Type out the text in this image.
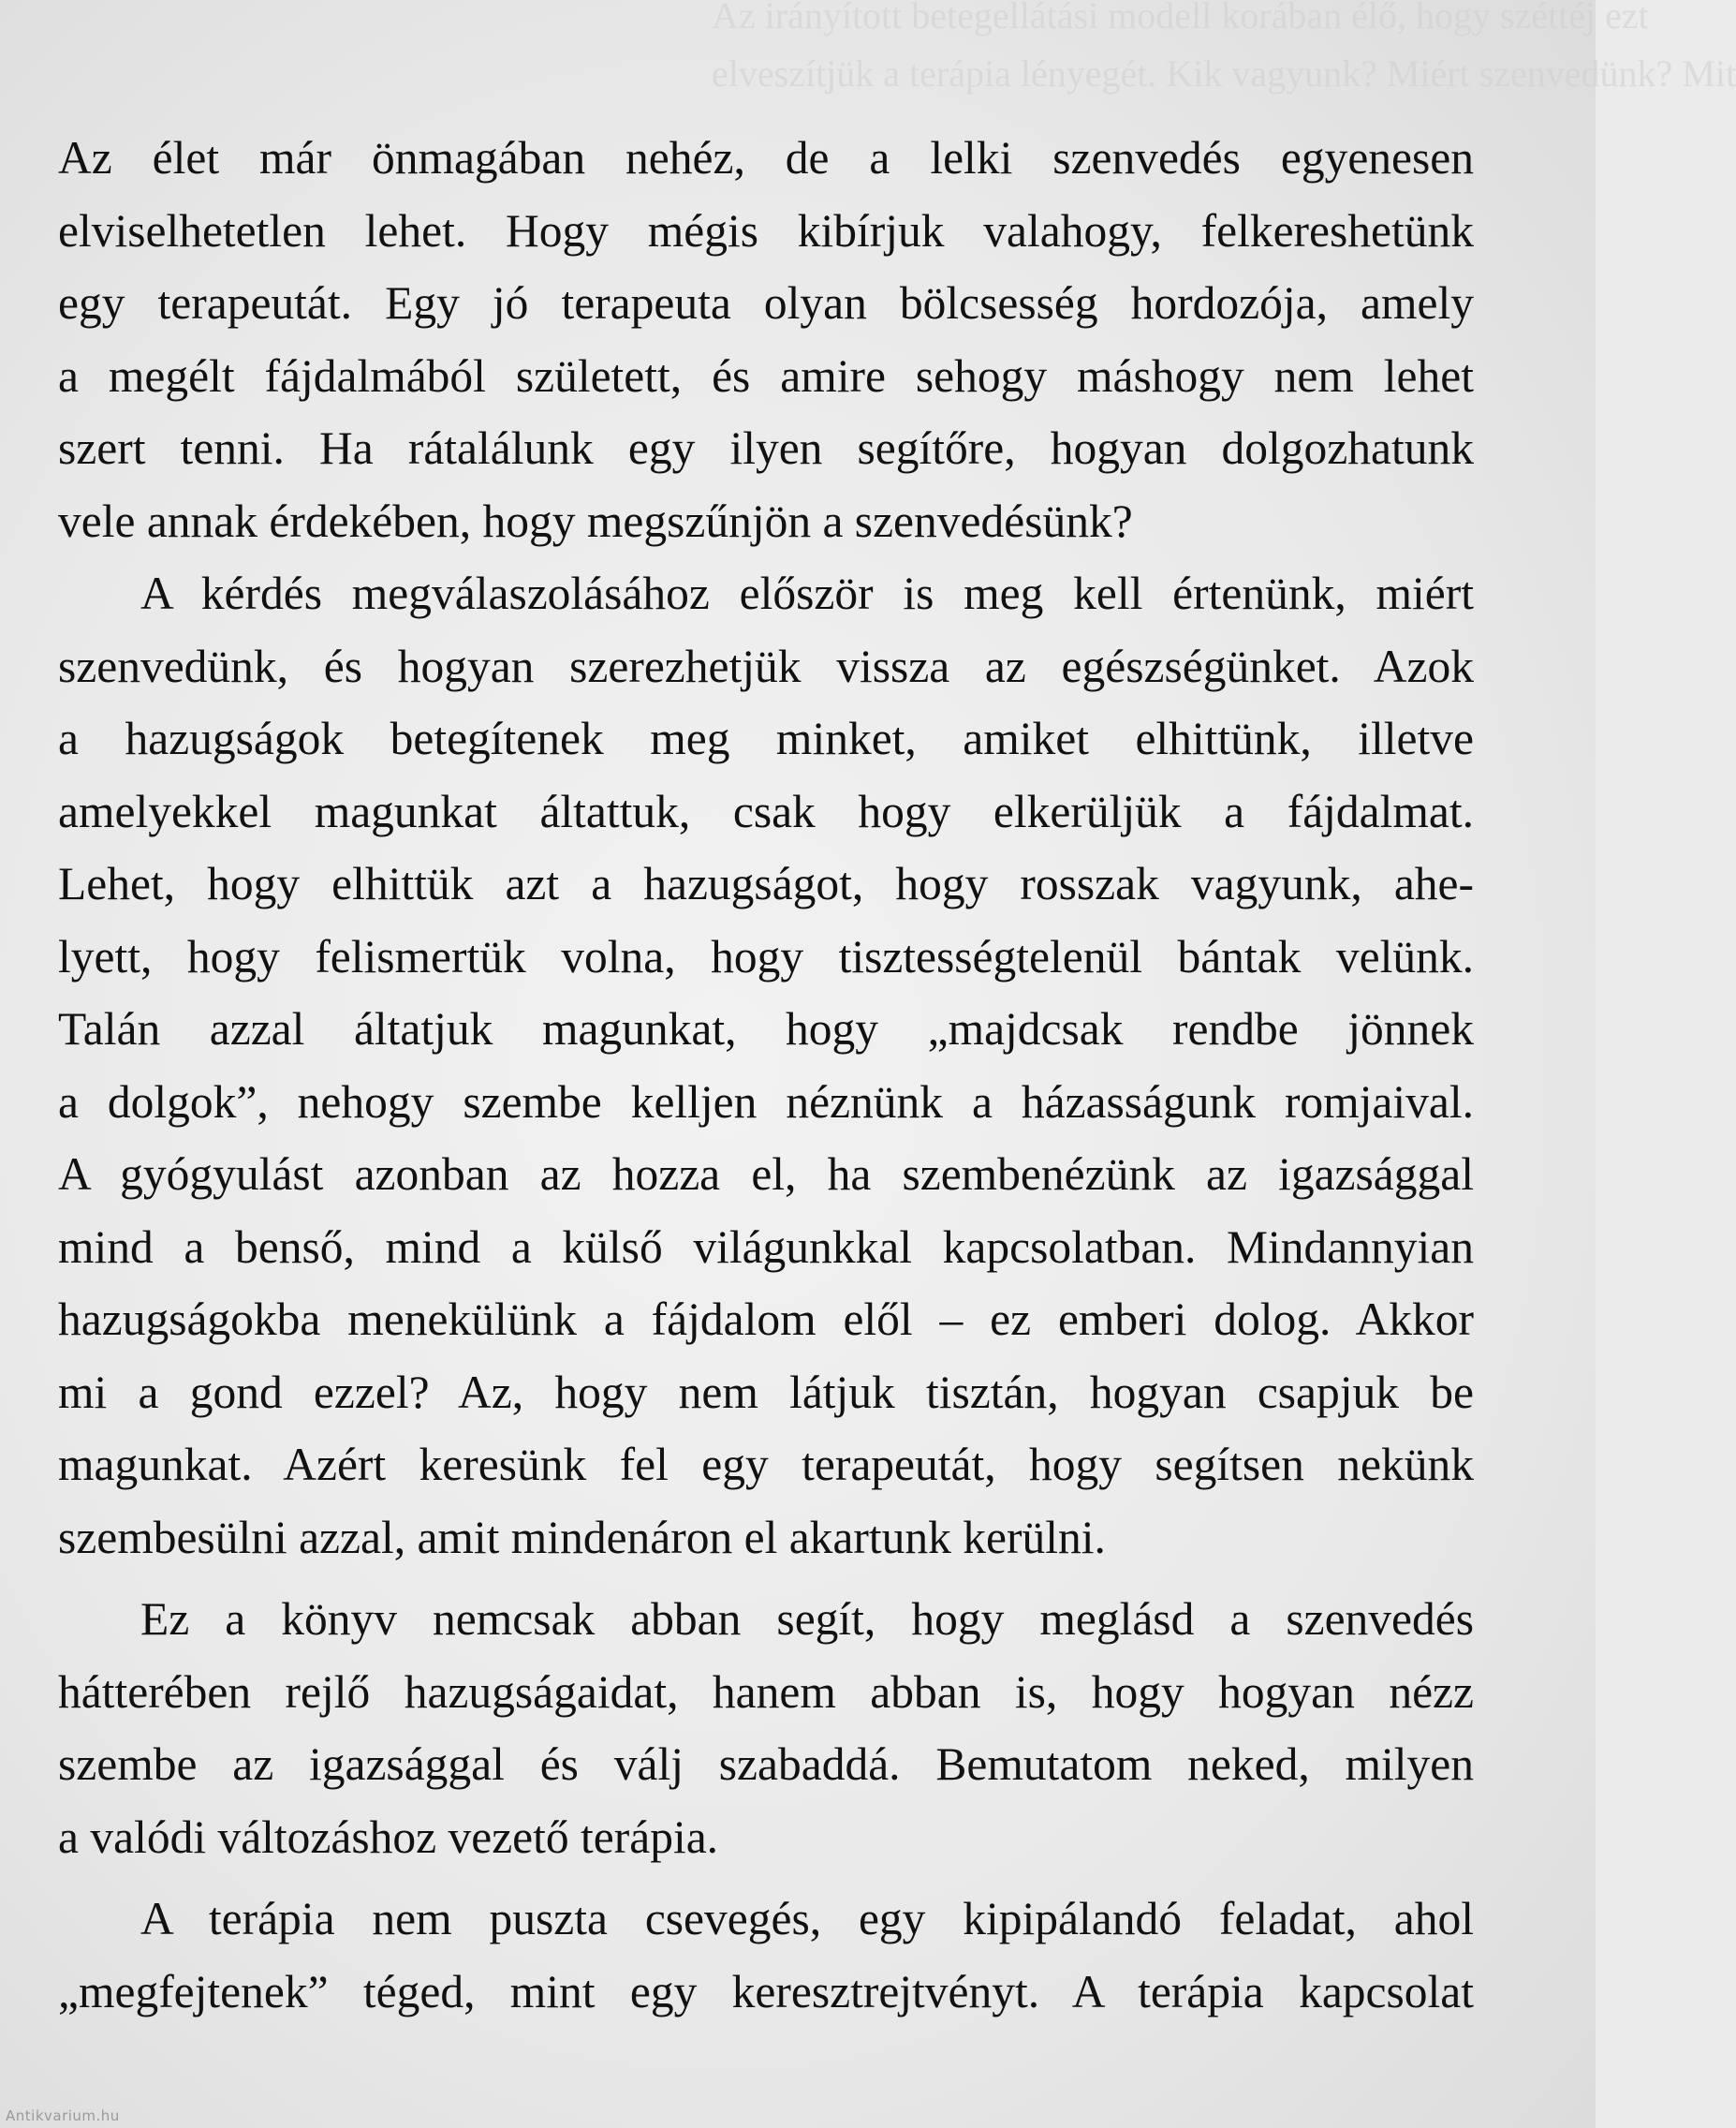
Az irányított betegellátási modell korában élő, hogy széttéj ezt
elveszítjük a terápia lényegét. Kik vagyunk? Miért szenvedünk? Mit

Az élet már önmagában nehéz, de a lelki szenvedés egyenesen
elviselhetetlen lehet. Hogy mégis kibírjuk valahogy, felkereshetünk
egy terapeutát. Egy jó terapeuta olyan bölcsesség hordozója, amely
a megélt fájdalmából született, és amire sehogy máshogy nem lehet
szert tenni. Ha rátalálunk egy ilyen segítőre, hogyan dolgozhatunk
vele annak érdekében, hogy megszűnjön a szenvedésünk?

A kérdés megválaszolásához először is meg kell értenünk, miért
szenvedünk, és hogyan szerezhetjük vissza az egészségünket. Azok
a hazugságok betegítenek meg minket, amiket elhittünk, illetve
amelyekkel magunkat áltattuk, csak hogy elkerüljük a fájdalmat.
Lehet, hogy elhittük azt a hazugságot, hogy rosszak vagyunk, ahe-
lyett, hogy felismertük volna, hogy tisztességtelenül bántak velünk.
Talán azzal áltatjuk magunkat, hogy „majdcsak rendbe jönnek
a dolgok”, nehogy szembe kelljen néznünk a házasságunk romjaival.
A gyógyulást azonban az hozza el, ha szembenézünk az igazsággal
mind a benső, mind a külső világunkkal kapcsolatban. Mindannyian
hazugságokba menekülünk a fájdalom elől – ez emberi dolog. Akkor
mi a gond ezzel? Az, hogy nem látjuk tisztán, hogyan csapjuk be
magunkat. Azért keresünk fel egy terapeutát, hogy segítsen nekünk
szembesülni azzal, amit mindenáron el akartunk kerülni.

Ez a könyv nemcsak abban segít, hogy meglásd a szenvedés
hátterében rejlő hazugságaidat, hanem abban is, hogy hogyan nézz
szembe az igazsággal és válj szabaddá. Bemutatom neked, milyen
a valódi változáshoz vezető terápia.

A terápia nem puszta csevegés, egy kipipálandó feladat, ahol
„megfejtenek” téged, mint egy keresztrejtvényt. A terápia kapcsolat

Antikvarium.hu
